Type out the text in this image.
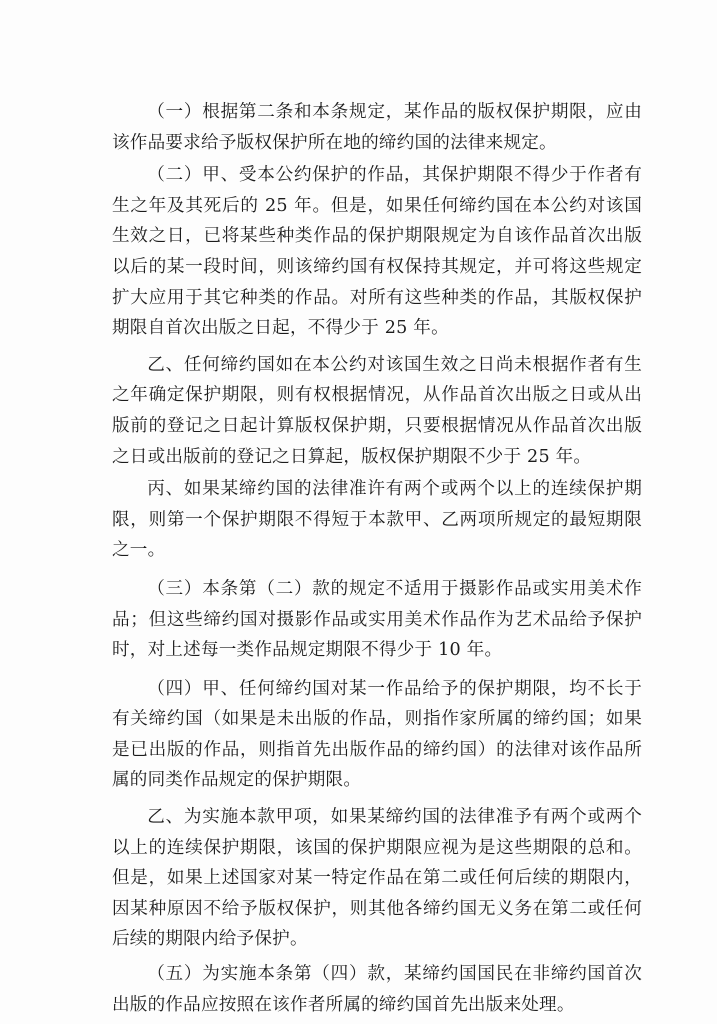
（一）根据第二条和本条规定，某作品的版权保护期限，应由该作品要求给予版权保护所在地的缔约国的法律来规定。

（二）甲、受本公约保护的作品，其保护期限不得少于作者有生之年及其死后的 25 年。但是，如果任何缔约国在本公约对该国生效之日，已将某些种类作品的保护期限规定为自该作品首次出版以后的某一段时间，则该缔约国有权保持其规定，并可将这些规定扩大应用于其它种类的作品。对所有这些种类的作品，其版权保护期限自首次出版之日起，不得少于 25 年。

乙、任何缔约国如在本公约对该国生效之日尚未根据作者有生之年确定保护期限，则有权根据情况，从作品首次出版之日或从出版前的登记之日起计算版权保护期，只要根据情况从作品首次出版之日或出版前的登记之日算起，版权保护期限不少于 25 年。

丙、如果某缔约国的法律准许有两个或两个以上的连续保护期限，则第一个保护期限不得短于本款甲、乙两项所规定的最短期限之一。

（三）本条第（二）款的规定不适用于摄影作品或实用美术作品；但这些缔约国对摄影作品或实用美术作品作为艺术品给予保护时，对上述每一类作品规定期限不得少于 10 年。

（四）甲、任何缔约国对某一作品给予的保护期限，均不长于有关缔约国（如果是未出版的作品，则指作家所属的缔约国；如果是已出版的作品，则指首先出版作品的缔约国）的法律对该作品所属的同类作品规定的保护期限。

乙、为实施本款甲项，如果某缔约国的法律准予有两个或两个以上的连续保护期限，该国的保护期限应视为是这些期限的总和。但是，如果上述国家对某一特定作品在第二或任何后续的期限内，因某种原因不给予版权保护，则其他各缔约国无义务在第二或任何后续的期限内给予保护。

（五）为实施本条第（四）款，某缔约国国民在非缔约国首次出版的作品应按照在该作者所属的缔约国首先出版来处理。
